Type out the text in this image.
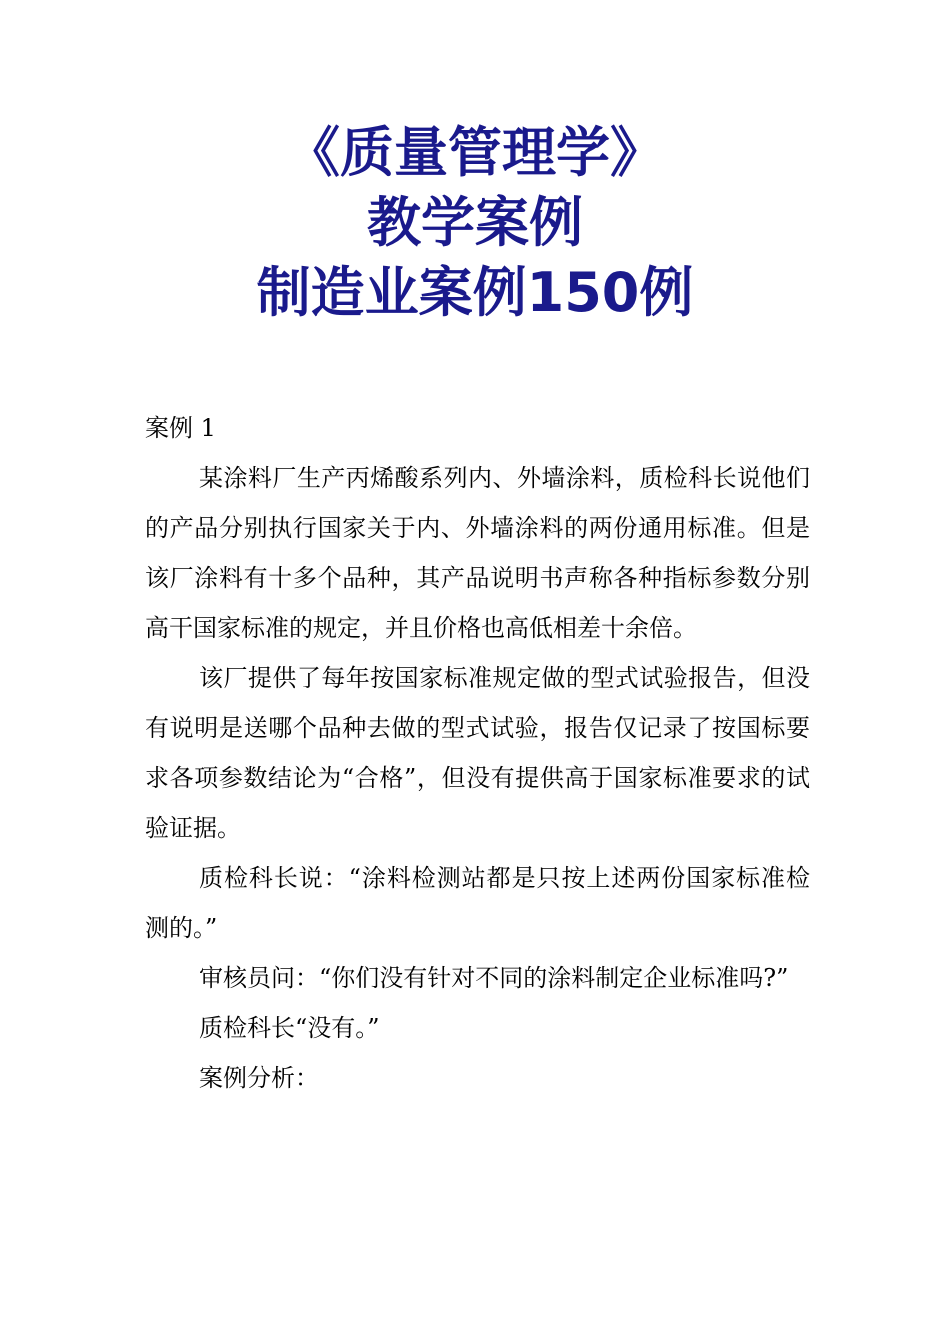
《质量管理学》
教学案例
制造业案例150例
案例 1

某涂料厂生产丙烯酸系列内、外墙涂料，质检科长说他们的产品分别执行国家关于内、外墙涂料的两份通用标准。但是该厂涂料有十多个品种，其产品说明书声称各种指标参数分别高干国家标准的规定，并且价格也高低相差十余倍。

该厂提供了每年按国家标准规定做的型式试验报告，但没有说明是送哪个品种去做的型式试验，报告仅记录了按国标要求各项参数结论为“合格”，但没有提供高于国家标准要求的试验证据。

质检科长说：“涂料检测站都是只按上述两份国家标准检测的。”

审核员问：“你们没有针对不同的涂料制定企业标准吗?”

质检科长“没有。”

案例分析：
